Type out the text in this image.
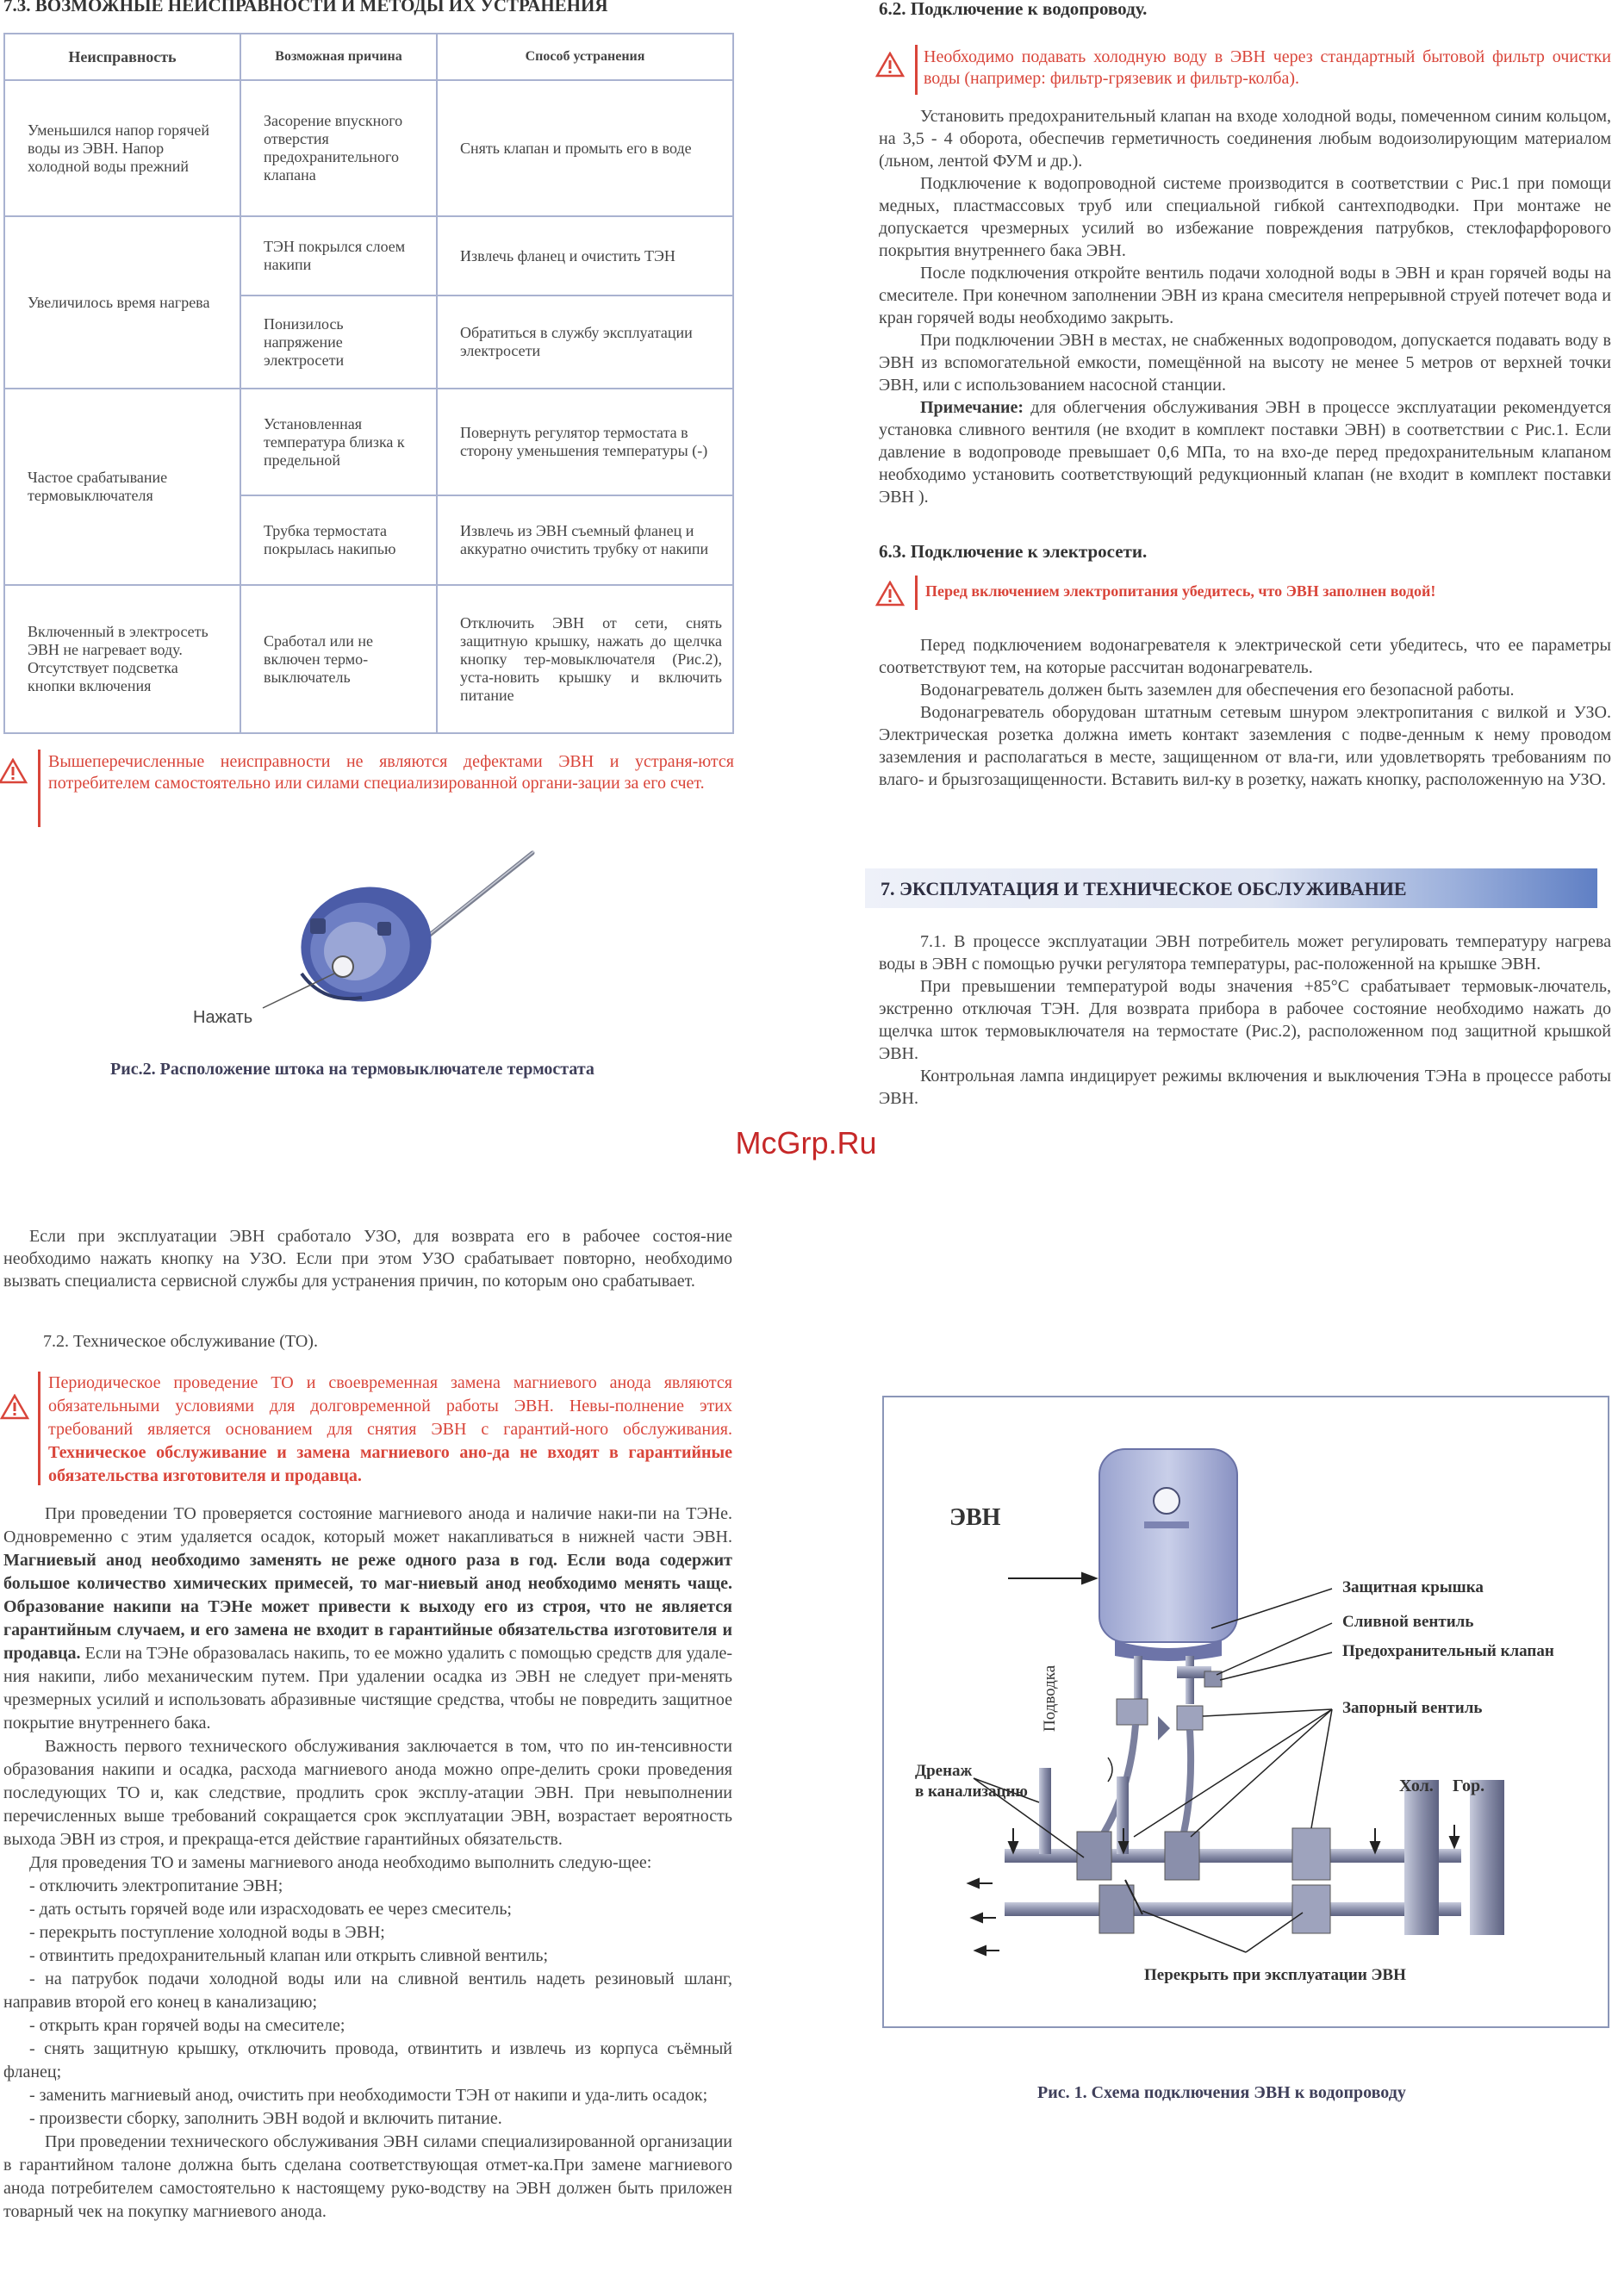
7.3. ВОЗМОЖНЫЕ НЕИСПРАВНОСТИ И МЕТОДЫ ИХ УСТРАНЕНИЯ
Неисправность	Возможная причина	Способ устранения
Уменьшился напор горячей воды из ЭВН. Напор холодной воды прежний	Засорение впускного отверстия предохранительного клапана	Снять клапан и промыть его в воде
Увеличилось время нагрева	ТЭН покрылся слоем накипи	Извлечь фланец и очистить ТЭН
	Понизилось напряжение электросети	Обратиться в службу эксплуатации электросети
Частое срабатывание термовыключателя	Установленная температура близка к предельной	Повернуть регулятор термостата в сторону уменьшения температуры (-)
	Трубка термостата покрылась накипью	Извлечь из ЭВН съемный фланец и аккуратно очистить трубку от накипи
Включенный в электросеть ЭВН не нагревает воду. Отсутствует подсветка кнопки включения	Сработал или не включен термо-выключатель	Отключить ЭВН от сети, снять защитную крышку, нажать до щелчка кнопку тер-мовыключателя (Рис.2), уста-новить крышку и включить питание
Вышеперечисленные неисправности не являются дефектами ЭВН и устраня-ются потребителем самостоятельно или силами специализированной органи-зации за его счет.
Нажать
Рис.2. Расположение штока на термовыключателе термостата
6.2. Подключение к водопроводу.
Необходимо подавать холодную воду в ЭВН через стандартный бытовой фильтр очистки воды (например: фильтр-грязевик и фильтр-колба).

Установить предохранительный клапан на входе холодной воды, помеченном синим кольцом, на 3,5 - 4 оборота, обеспечив герметичность соединения любым водоизолирующим материалом (льном, лентой ФУМ и др.).

Подключение к водопроводной системе производится в соответствии с Рис.1 при помощи медных, пластмассовых труб или специальной гибкой сантехподводки. При монтаже не допускается чрезмерных усилий во избежание повреждения патрубков, стеклофарфорового покрытия внутреннего бака ЭВН.

После подключения откройте вентиль подачи холодной воды в ЭВН и кран горячей воды на смесителе. При конечном заполнении ЭВН из крана смесителя непрерывной струей потечет вода и кран горячей воды необходимо закрыть.

При подключении ЭВН в местах, не снабженных водопроводом, допускается подавать воду в ЭВН из вспомогательной емкости, помещённой на высоту не менее 5 метров от верхней точки ЭВН, или с использованием насосной станции.

Примечание: для облегчения обслуживания ЭВН в процессе эксплуатации рекомендуется установка сливного вентиля (не входит в комплект поставки ЭВН) в соответствии с Рис.1. Если давление в водопроводе превышает 0,6 МПа, то на вхо-де перед предохранительным клапаном необходимо установить соответствующий редукционный клапан (не входит в комплект поставки ЭВН ).

6.3. Подключение к электросети.
Перед включением электропитания убедитесь, что ЭВН заполнен водой!

Перед подключением водонагревателя к электрической сети убедитесь, что ее параметры соответствуют тем, на которые рассчитан водонагреватель.

Водонагреватель должен быть заземлен для обеспечения его безопасной работы.

Водонагреватель оборудован штатным сетевым шнуром электропитания с вилкой и УЗО. Электрическая розетка должна иметь контакт заземления с подве-денным к нему проводом заземления и располагаться в месте, защищенном от вла-ги, или удовлетворять требованиям по влаго- и брызгозащищенности. Вставить вил-ку в розетку, нажать кнопку, расположенную на УЗО.

7. ЭКСПЛУАТАЦИЯ И ТЕХНИЧЕСКОЕ ОБСЛУЖИВАНИЕ

7.1. В процессе эксплуатации ЭВН потребитель может регулировать температуру нагрева воды в ЭВН с помощью ручки регулятора температуры, рас-положенной на крышке ЭВН.

При превышении температурой воды значения +85°С срабатывает термовык-лючатель, экстренно отключая ТЭН. Для возврата прибора в рабочее состояние необходимо нажать до щелчка шток термовыключателя на термостате (Рис.2), расположенном под защитной крышкой ЭВН.

Контрольная лампа индицирует режимы включения и выключения ТЭНа в процессе работы ЭВН.

McGrp.Ru

Если при эксплуатации ЭВН сработало УЗО, для возврата его в рабочее состоя-ние необходимо нажать кнопку на УЗО. Если при этом УЗО срабатывает повторно, необходимо вызвать специалиста сервисной службы для устранения причин, по которым оно срабатывает.

7.2. Техническое обслуживание (ТО).
Периодическое проведение ТО и своевременная замена магниевого анода являются обязательными условиями для долговременной работы ЭВН. Невы-полнение этих требований является основанием для снятия ЭВН с гарантий-ного обслуживания. Техническое обслуживание и замена магниевого ано-да не входят в гарантийные обязательства изготовителя и продавца.

При проведении ТО проверяется состояние магниевого анода и наличие наки-пи на ТЭНе. Одновременно с этим удаляется осадок, который может накапливаться в нижней части ЭВН. Магниевый анод необходимо заменять не реже одного раза в год. Если вода содержит большое количество химических примесей, то маг-ниевый анод необходимо менять чаще. Образование накипи на ТЭНе может привести к выходу его из строя, что не является гарантийным случаем, и его замена не входит в гарантийные обязательства изготовителя и продавца. Если на ТЭНе образовалась накипь, то ее можно удалить с помощью средств для удале-ния накипи, либо механическим путем. При удалении осадка из ЭВН не следует при-менять чрезмерных усилий и использовать абразивные чистящие средства, чтобы не повредить защитное покрытие внутреннего бака.

Важность первого технического обслуживания заключается в том, что по ин-тенсивности образования накипи и осадка, расхода магниевого анода можно опре-делить сроки проведения последующих ТО и, как следствие, продлить срок эксплу-атации ЭВН. При невыполнении перечисленных выше требований сокращается срок эксплуатации ЭВН, возрастает вероятность выхода ЭВН из строя, и прекраща-ется действие гарантийных обязательств.

Для проведения ТО и замены магниевого анода необходимо выполнить следую-щее:

- отключить электропитание ЭВН;

- дать остыть горячей воде или израсходовать ее через смеситель;

- перекрыть поступление холодной воды в ЭВН;

- отвинтить предохранительный клапан или открыть сливной вентиль;

- на патрубок подачи холодной воды или на сливной вентиль надеть резиновый шланг, направив второй его конец в канализацию;

- открыть кран горячей воды на смесителе;

- снять защитную крышку, отключить провода, отвинтить и извлечь из корпуса съёмный фланец;

- заменить магниевый анод, очистить при необходимости ТЭН от накипи и уда-лить осадок;

- произвести сборку, заполнить ЭВН водой и включить питание.

При проведении технического обслуживания ЭВН силами специализированной организации в гарантийном талоне должна быть сделана соответствующая отмет-ка.При замене магниевого анода потребителем самостоятельно к настоящему руко-водству на ЭВН должен быть приложен товарный чек на покупку магниевого анода.

ЭВН
Защитная крышка
Сливной вентиль
Предохранительный клапан
Запорный вентиль
Подводка
Дренаж
в канализацию	Хол. Гор.
Перекрыть при эксплуатации ЭВН
Рис. 1. Схема подключения ЭВН к водопроводу
